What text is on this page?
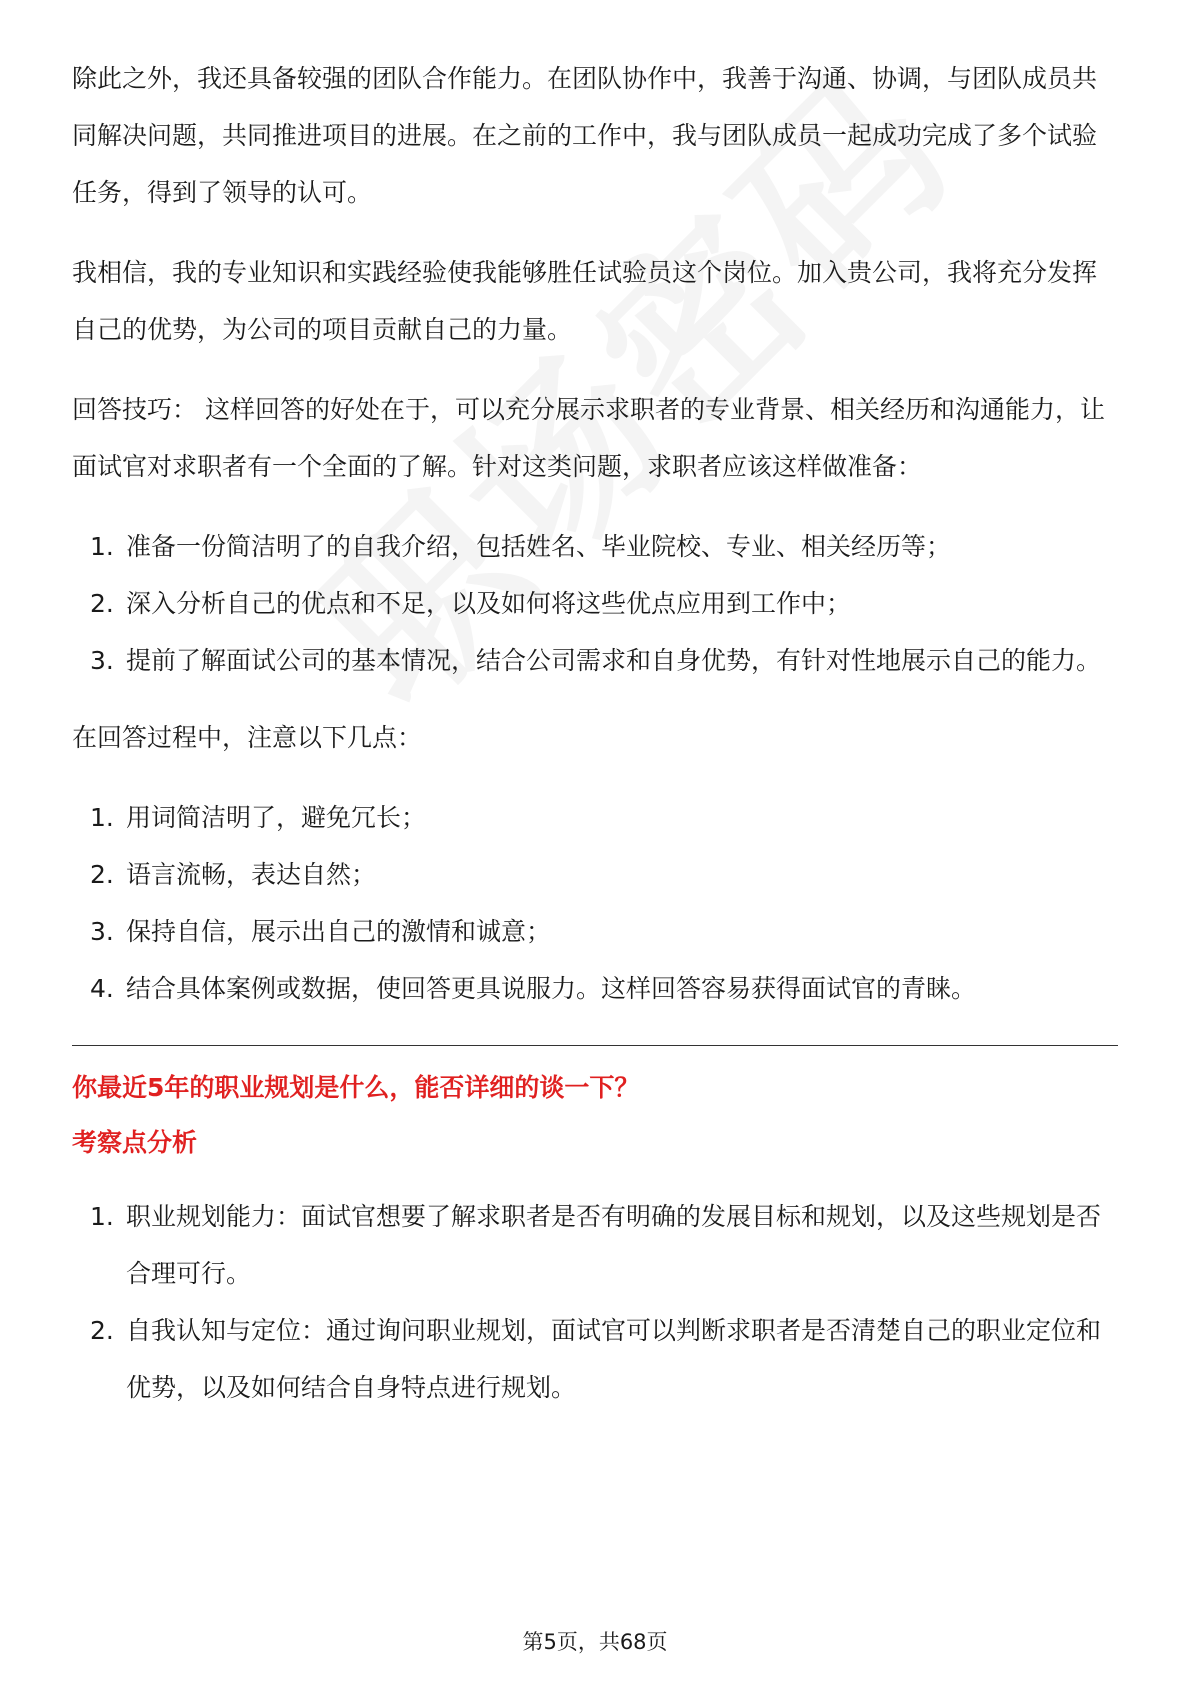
除此之外，我还具备较强的团队合作能力。在团队协作中，我善于沟通、协调，与团队成员共同解决问题，共同推进项目的进展。在之前的工作中，我与团队成员一起成功完成了多个试验任务，得到了领导的认可。

我相信，我的专业知识和实践经验使我能够胜任试验员这个岗位。加入贵公司，我将充分发挥自己的优势，为公司的项目贡献自己的力量。

回答技巧： 这样回答的好处在于，可以充分展示求职者的专业背景、相关经历和沟通能力，让面试官对求职者有一个全面的了解。针对这类问题，求职者应该这样做准备：

1. 准备一份简洁明了的自我介绍，包括姓名、毕业院校、专业、相关经历等；
2. 深入分析自己的优点和不足，以及如何将这些优点应用到工作中；
3. 提前了解面试公司的基本情况，结合公司需求和自身优势，有针对性地展示自己的能力。

在回答过程中，注意以下几点：

1. 用词简洁明了，避免冗长；
2. 语言流畅，表达自然；
3. 保持自信，展示出自己的激情和诚意；
4. 结合具体案例或数据，使回答更具说服力。这样回答容易获得面试官的青睐。

你最近5年的职业规划是什么，能否详细的谈一下？

考察点分析

1. 职业规划能力：面试官想要了解求职者是否有明确的发展目标和规划，以及这些规划是否合理可行。
2. 自我认知与定位：通过询问职业规划，面试官可以判断求职者是否清楚自己的职业定位和优势，以及如何结合自身特点进行规划。
第5页，共68页
